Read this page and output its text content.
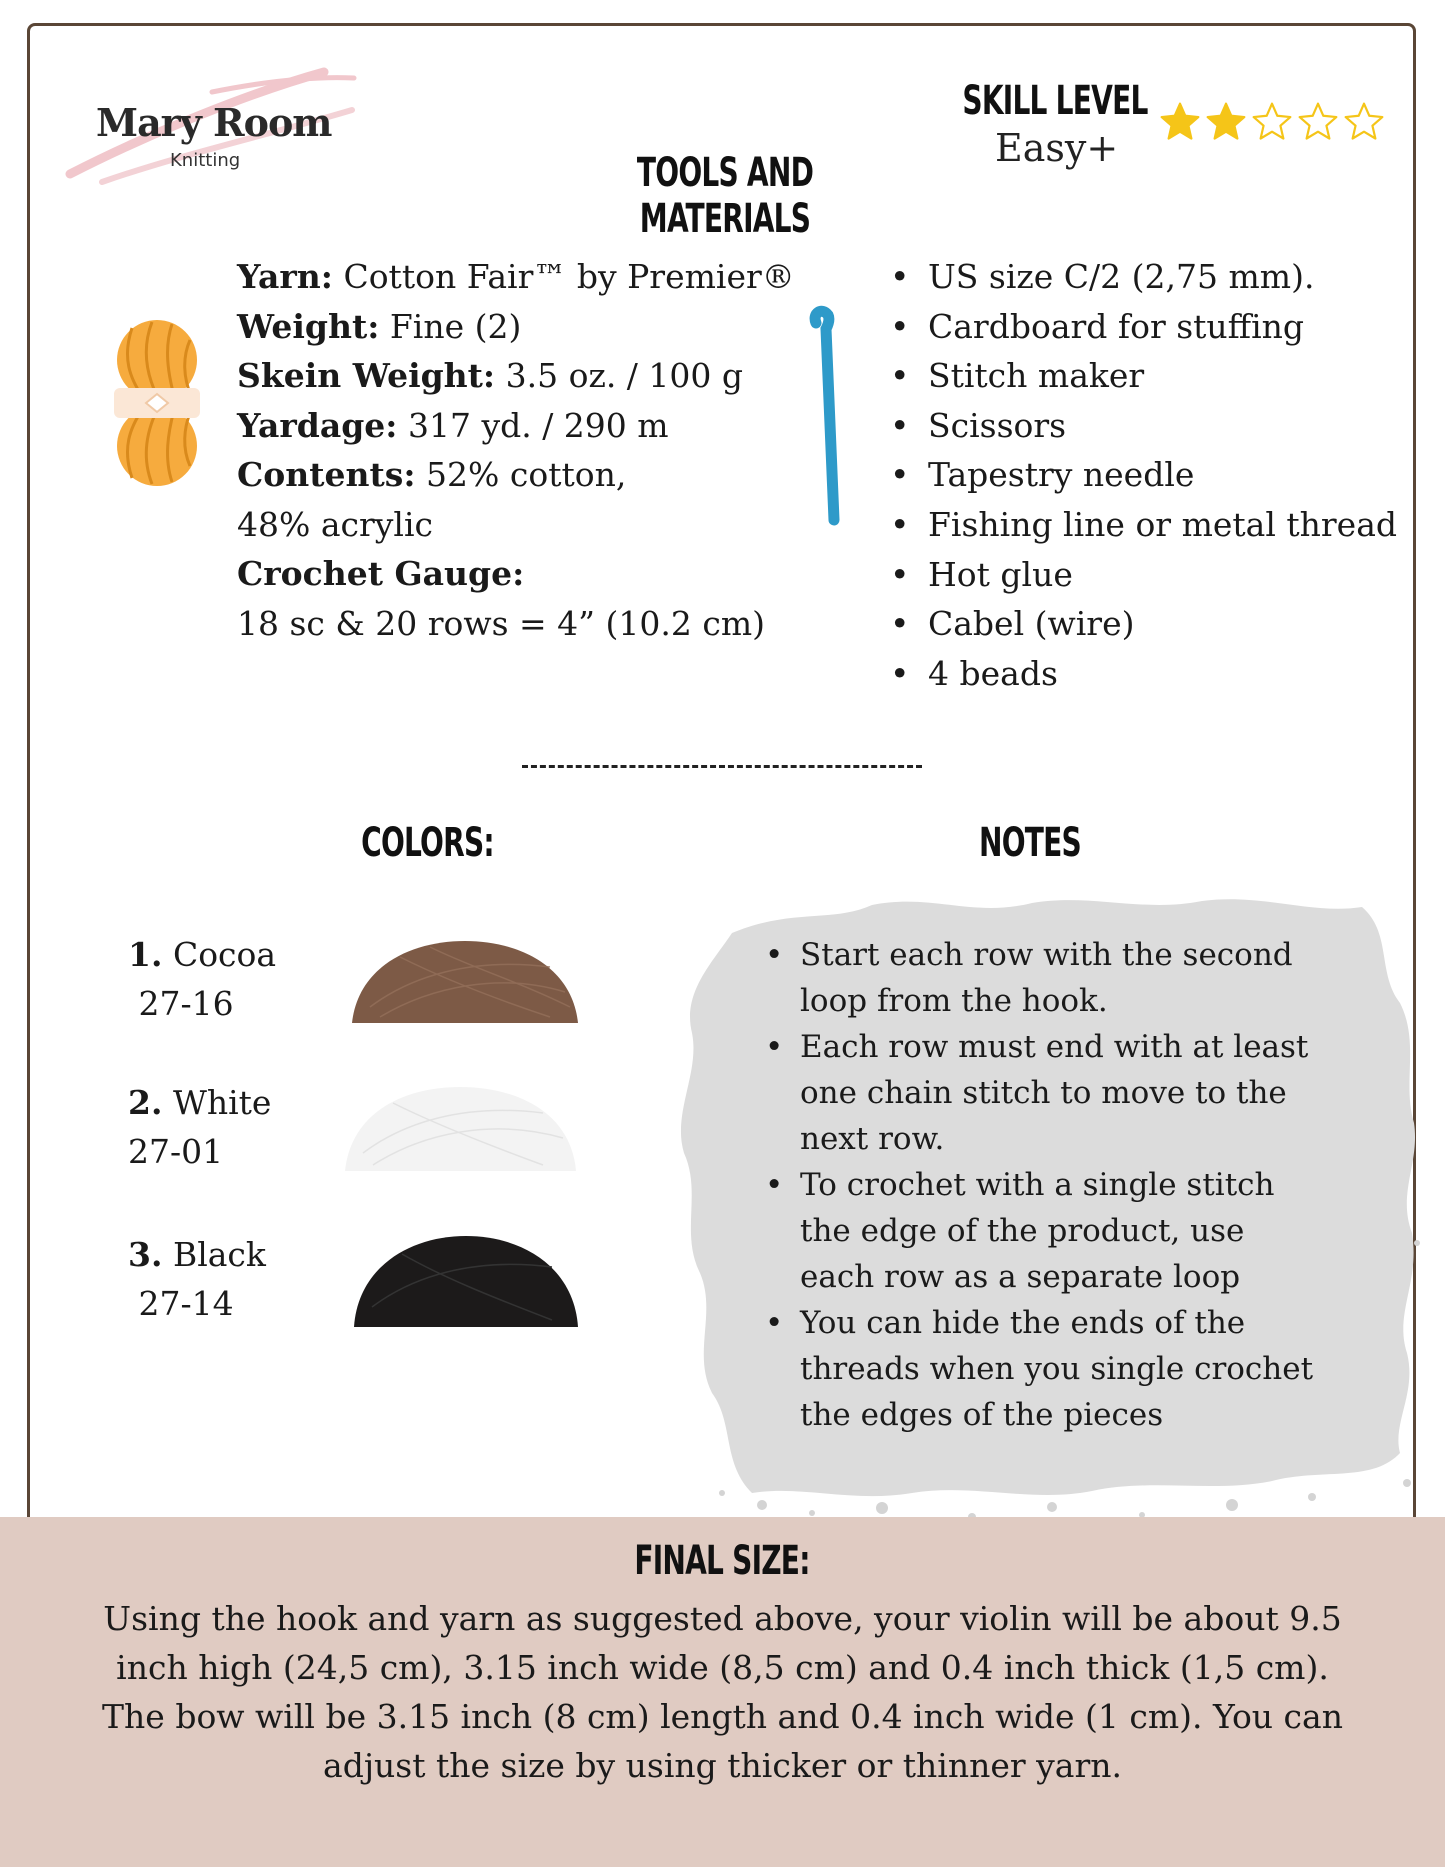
Mary Room
Knitting
SKILL LEVEL
Easy+
TOOLS AND MATERIALS
Yarn: Cotton Fair™ by Premier®
Weight: Fine (2)
Skein Weight: 3.5 oz. / 100 g
Yardage: 317 yd. / 290 m
Contents: 52% cotton,
48% acrylic
Crochet Gauge:
18 sc & 20 rows = 4” (10.2 cm)
• US size C/2 (2,75 mm).
• Cardboard for stuffing
• Stitch maker
• Scissors
• Tapestry needle
• Fishing line or metal thread
• Hot glue
• Cabel (wire)
• 4 beads
COLORS:	NOTES
1. Cocoa
27-16
2. White
27-01
3. Black
27-14
• Start each row with the second loop from the hook.
• Each row must end with at least one chain stitch to move to the next row.
• To crochet with a single stitch the edge of the product, use each row as a separate loop
• You can hide the ends of the threads when you single crochet the edges of the pieces
FINAL SIZE:
Using the hook and yarn as suggested above, your violin will be about 9.5 inch high (24,5 cm), 3.15 inch wide (8,5 cm) and 0.4 inch thick (1,5 cm). The bow will be 3.15 inch (8 cm) length and 0.4 inch wide (1 cm). You can adjust the size by using thicker or thinner yarn.
